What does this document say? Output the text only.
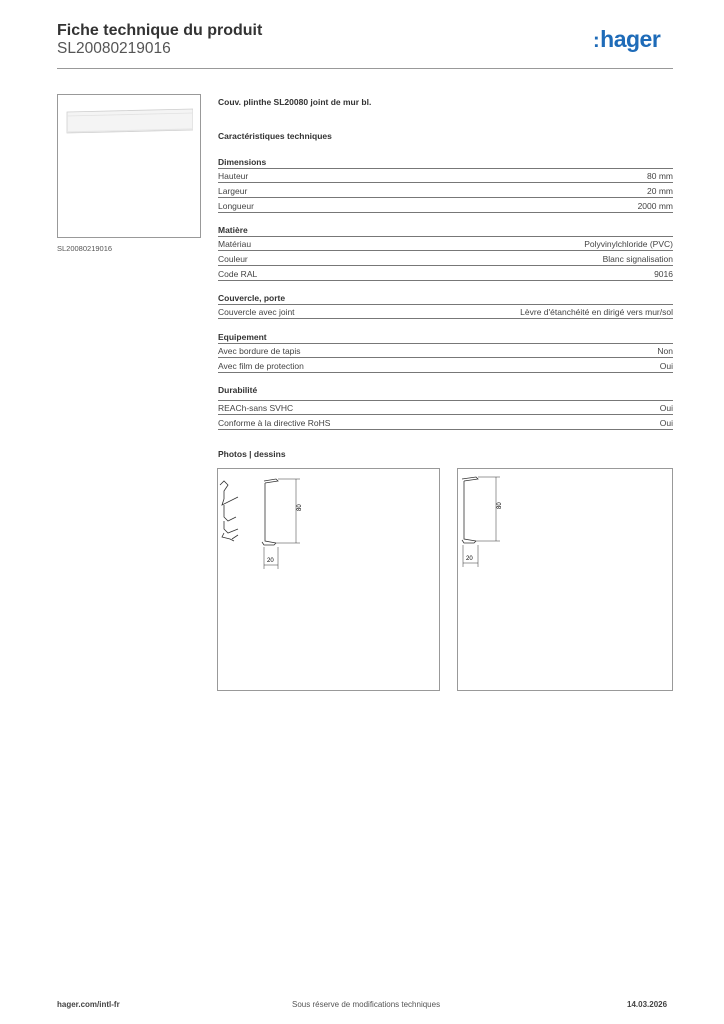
Fiche technique du produit
SL20080219016	:hager
SL20080219016
Couv. plinthe SL20080 joint de mur bl.
Caractéristiques techniques
Dimensions
Hauteur	80 mm
Largeur	20 mm
Longueur	2000 mm
Matière
Matériau	Polyvinylchloride (PVC)
Couleur	Blanc signalisation
Code RAL	9016
Couvercle, porte
Couvercle avec joint	Lèvre d'étanchéité en dirigé vers mur/sol
Equipement
Avec bordure de tapis	Non
Avec film de protection	Oui
Durabilité
REACh-sans SVHC	Oui
Conforme à la directive RoHS	Oui
Photos | dessins
80
20
80
20
hager.com/intl-fr	Sous réserve de modifications techniques	14.03.2026
